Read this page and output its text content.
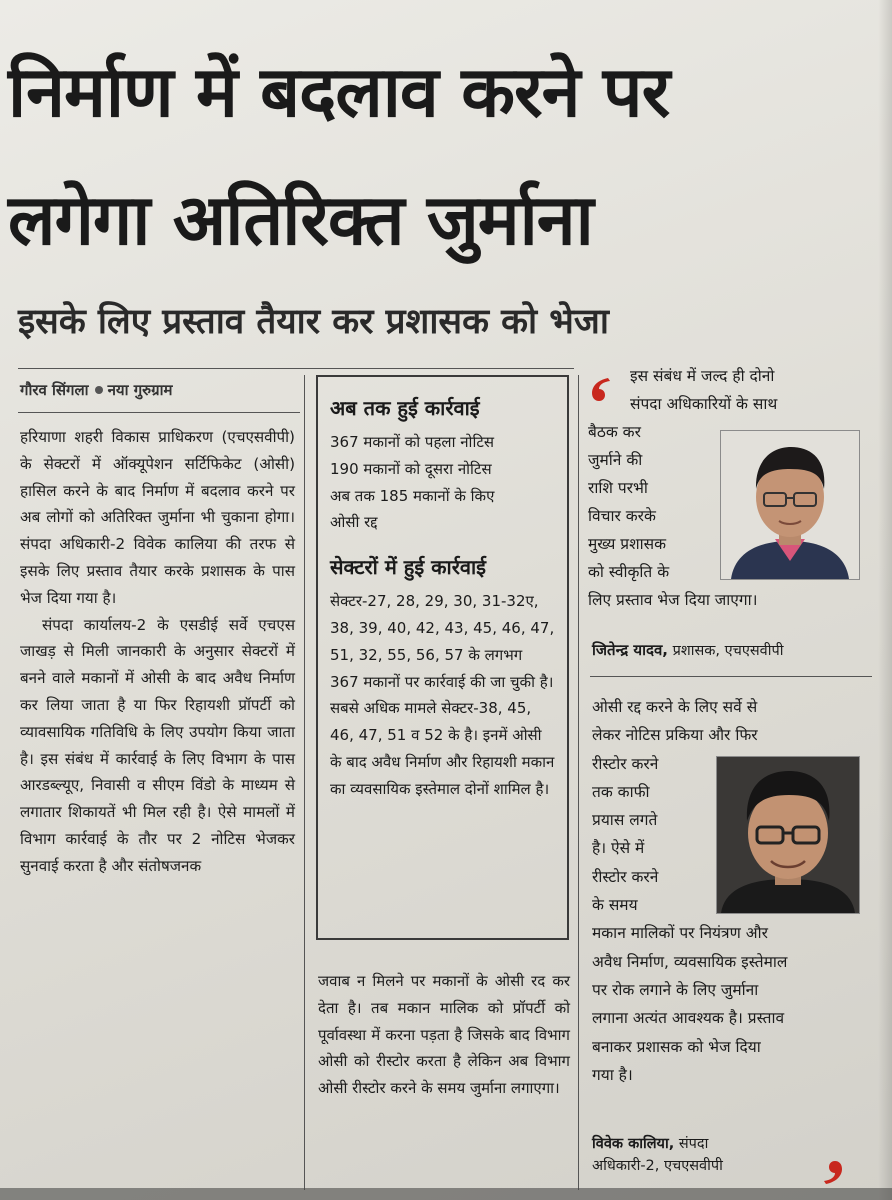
निर्माण में बदलाव करने पर
लगेगा अतिरिक्त जुर्माना
इसके लिए प्रस्ताव तैयार कर प्रशासक को भेजा
गौरव सिंगला नया गुरुग्राम

हरियाणा शहरी विकास प्राधिकरण (एचएसवीपी) के सेक्टरों में ऑक्यूपेशन सर्टिफिकेट (ओसी) हासिल करने के बाद निर्माण में बदलाव करने पर अब लोगों को अतिरिक्त जुर्माना भी चुकाना होगा। संपदा अधिकारी-2 विवेक कालिया की तरफ से इसके लिए प्रस्ताव तैयार करके प्रशासक के पास भेज दिया गया है।

संपदा कार्यालय-2 के एसडीई सर्वे एचएस जाखड़ से मिली जानकारी के अनुसार सेक्टरों में बनने वाले मकानों में ओसी के बाद अवैध निर्माण कर लिया जाता है या फिर रिहायशी प्रॉपर्टी को व्यावसायिक गतिविधि के लिए उपयोग किया जाता है। इस संबंध में कार्रवाई के लिए विभाग के पास आरडब्ल्यूए, निवासी व सीएम विंडो के माध्यम से लगातार शिकायतें भी मिल रही है। ऐसे मामलों में विभाग कार्रवाई के तौर पर 2 नोटिस भेजकर सुनवाई करता है और संतोषजनक

अब तक हुई कार्रवाई
367 मकानों को पहला नोटिस
190 मकानों को दूसरा नोटिस
अब तक 185 मकानों के किए
ओसी रद्द
सेक्टरों में हुई कार्रवाई
सेक्टर-27, 28, 29, 30, 31-32ए, 38, 39, 40, 42, 43, 45, 46, 47, 51, 32, 55, 56, 57 के लगभग 367 मकानों पर कार्रवाई की जा चुकी है। सबसे अधिक मामले सेक्टर-38, 45, 46, 47, 51 व 52 के है। इनमें ओसी के बाद अवैध निर्माण और रिहायशी मकान का व्यवसायिक इस्तेमाल दोनों शामिल है।
जवाब न मिलने पर मकानों के ओसी रद कर देता है। तब मकान मालिक को प्रॉपर्टी को पूर्वावस्था में करना पड़ता है जिसके बाद विभाग ओसी को रीस्टोर करता है लेकिन अब विभाग ओसी रीस्टोर करने के समय जुर्माना लगाएगा।
इस संबंध में जल्द ही दोनो
संपदा अधिकारियों के साथ
बैठक कर
जुर्माने की
राशि परभी
विचार करके
मुख्य प्रशासक
को स्वीकृति के
लिए प्रस्ताव भेज दिया जाएगा।
जितेन्द्र यादव, प्रशासक, एचएसवीपी
ओसी रद्द करने के लिए सर्वे से
लेकर नोटिस प्रकिया और फिर
रीस्टोर करने
तक काफी
प्रयास लगते
है। ऐसे में
रीस्टोर करने
के समय
मकान मालिकों पर नियंत्रण और
अवैध निर्माण, व्यवसायिक इस्तेमाल
पर रोक लगाने के लिए जुर्माना
लगाना अत्यंत आवश्यक है। प्रस्ताव
बनाकर प्रशासक को भेज दिया
गया है।
विवेक कालिया, संपदा
अधिकारी-2, एचएसवीपी
